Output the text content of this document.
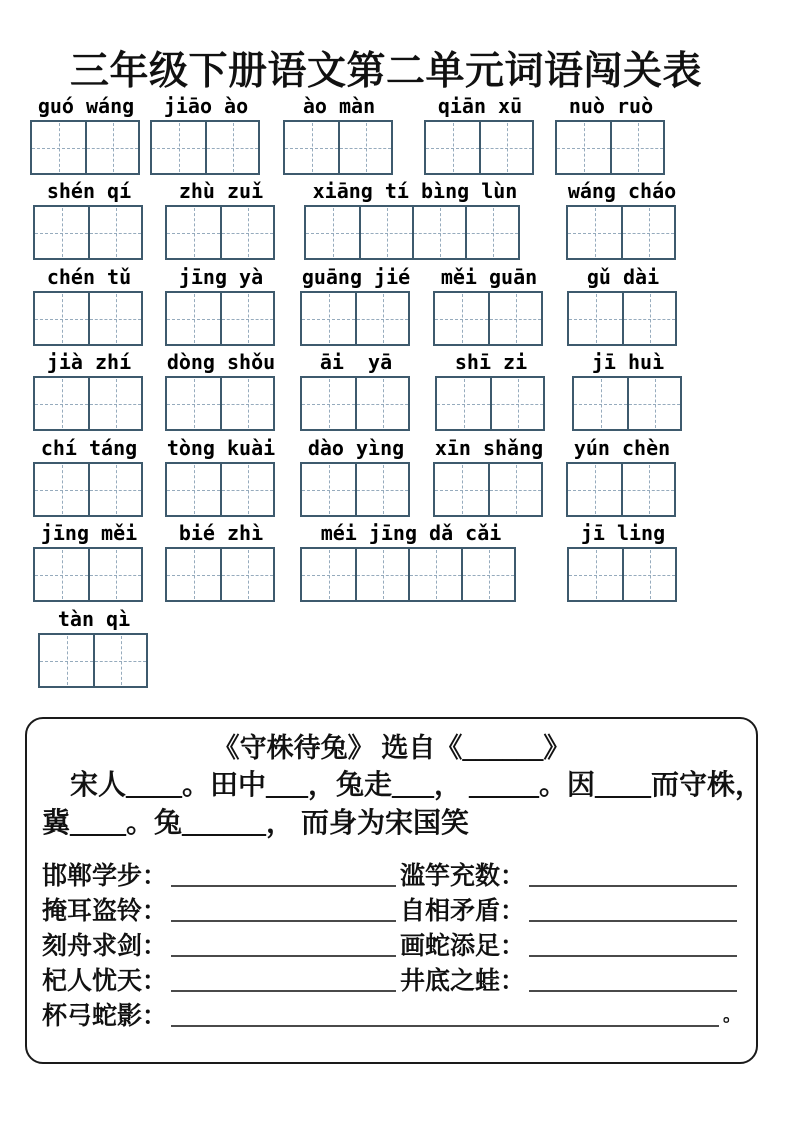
三年级下册语文第二单元词语闯关表
guó wáng	jiāo ào	ào màn	qiān xū	nuò ruò
shén qí	zhù zuǐ	xiāng tí bìng lùn	wáng cháo
chén tǔ	jīng yà	guāng jié	měi guān	gǔ dài
jià zhí	dòng shǒu	āi  yā	shī zi	jī huì
chí táng	tòng kuài	dào yìng	xīn shǎng	yún chèn
jīng měi	bié zhì	méi jīng dǎ cǎi	jī ling
tàn qì
《守株待兔》 选自《______》
宋人____。田中___，兔走___， _____。因____而守株，
冀____。兔______， 而身为宋国笑
邯郸学步：	滥竽充数：
掩耳盗铃：	自相矛盾：
刻舟求剑：	画蛇添足：
杞人忧天：	井底之蛙：
杯弓蛇影：	。
